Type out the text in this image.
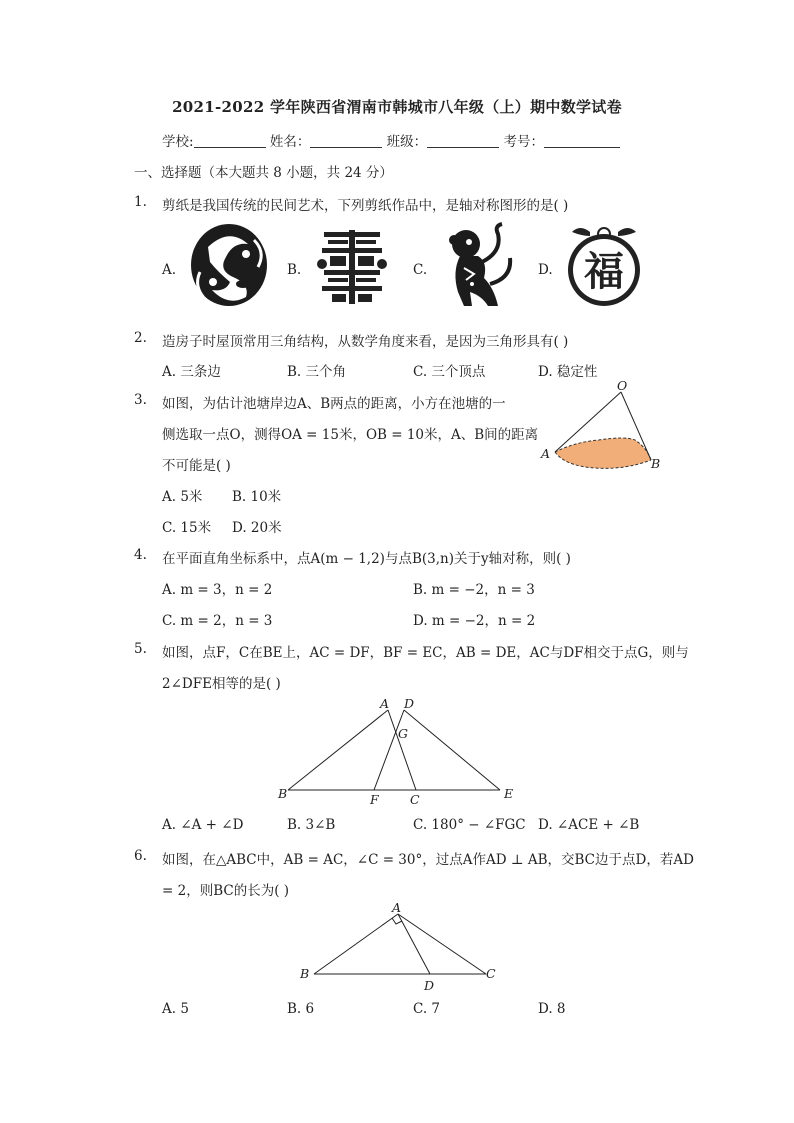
2021-2022 学年陕西省渭南市韩城市八年级（上）期中数学试卷
学校:	姓名：	班级：	考号：
一、选择题（本大题共 8 小题，共 24 分）
1. 剪纸是我国传统的民间艺术，下列剪纸作品中，是轴对称图形的是( )
A.	B.	C.	D. 福
2. 造房子时屋顶常用三角结构，从数学角度来看，是因为三角形具有( )
A. 三条边	B. 三个角	C. 三个顶点	D. 稳定性
3. 如图，为估计池塘岸边A、B两点的距离，小方在池塘的一
侧选取一点O，测得OA = 15米，OB = 10米，A、B间的距离
不可能是( )
A. 5米 B. 10米
C. 15米 D. 20米
O
A
B
4. 在平面直角坐标系中，点A(m − 1,2)与点B(3,n)关于y轴对称，则( )
A. m = 3，n = 2	B. m = −2，n = 3
C. m = 2，n = 3	D. m = −2，n = 2
5. 如图，点F，C在BE上，AC = DF，BF = EC，AB = DE，AC与DF相交于点G，则与
2∠DFE相等的是( )
A D
G
B	F	C	E
A. ∠A + ∠D	B. 3∠B	C. 180° − ∠FGC D. ∠ACE + ∠B
6. 如图，在△ABC中，AB = AC，∠C = 30°，过点A作AD ⊥ AB，交BC边于点D，若AD
= 2，则BC的长为( )
A
B	C
D
A. 5	B. 6	C. 7	D. 8
